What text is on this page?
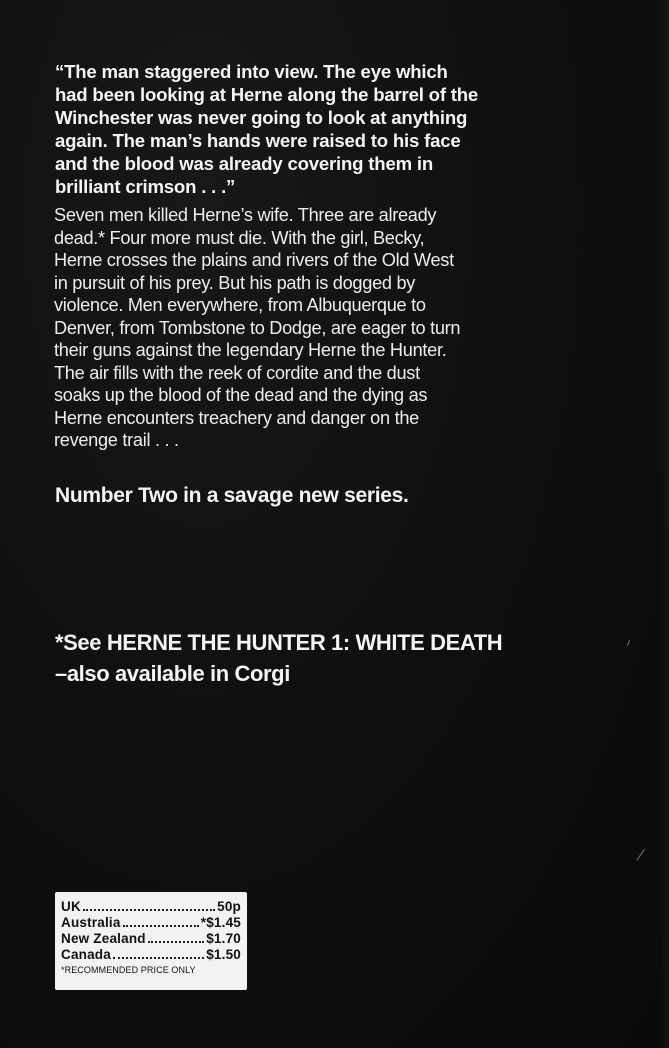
“The man staggered into view. The eye which
had been looking at Herne along the barrel of the
Winchester was never going to look at anything
again. The man’s hands were raised to his face
and the blood was already covering them in
brilliant crimson . . .”

Seven men killed Herne’s wife. Three are already
dead.* Four more must die. With the girl, Becky,
Herne crosses the plains and rivers of the Old West
in pursuit of his prey. But his path is dogged by
violence. Men everywhere, from Albuquerque to
Denver, from Tombstone to Dodge, are eager to turn
their guns against the legendary Herne the Hunter.
The air fills with the reek of cordite and the dust
soaks up the blood of the dead and the dying as
Herne encounters treachery and danger on the
revenge trail . . .

Number Two in a savage new series.

*See HERNE THE HUNTER 1: WHITE DEATH
–also available in Corgi

UK	50p
Australia	*$1.45
New Zealand	$1.70
Canada	$1.50
*RECOMMENDED PRICE ONLY
